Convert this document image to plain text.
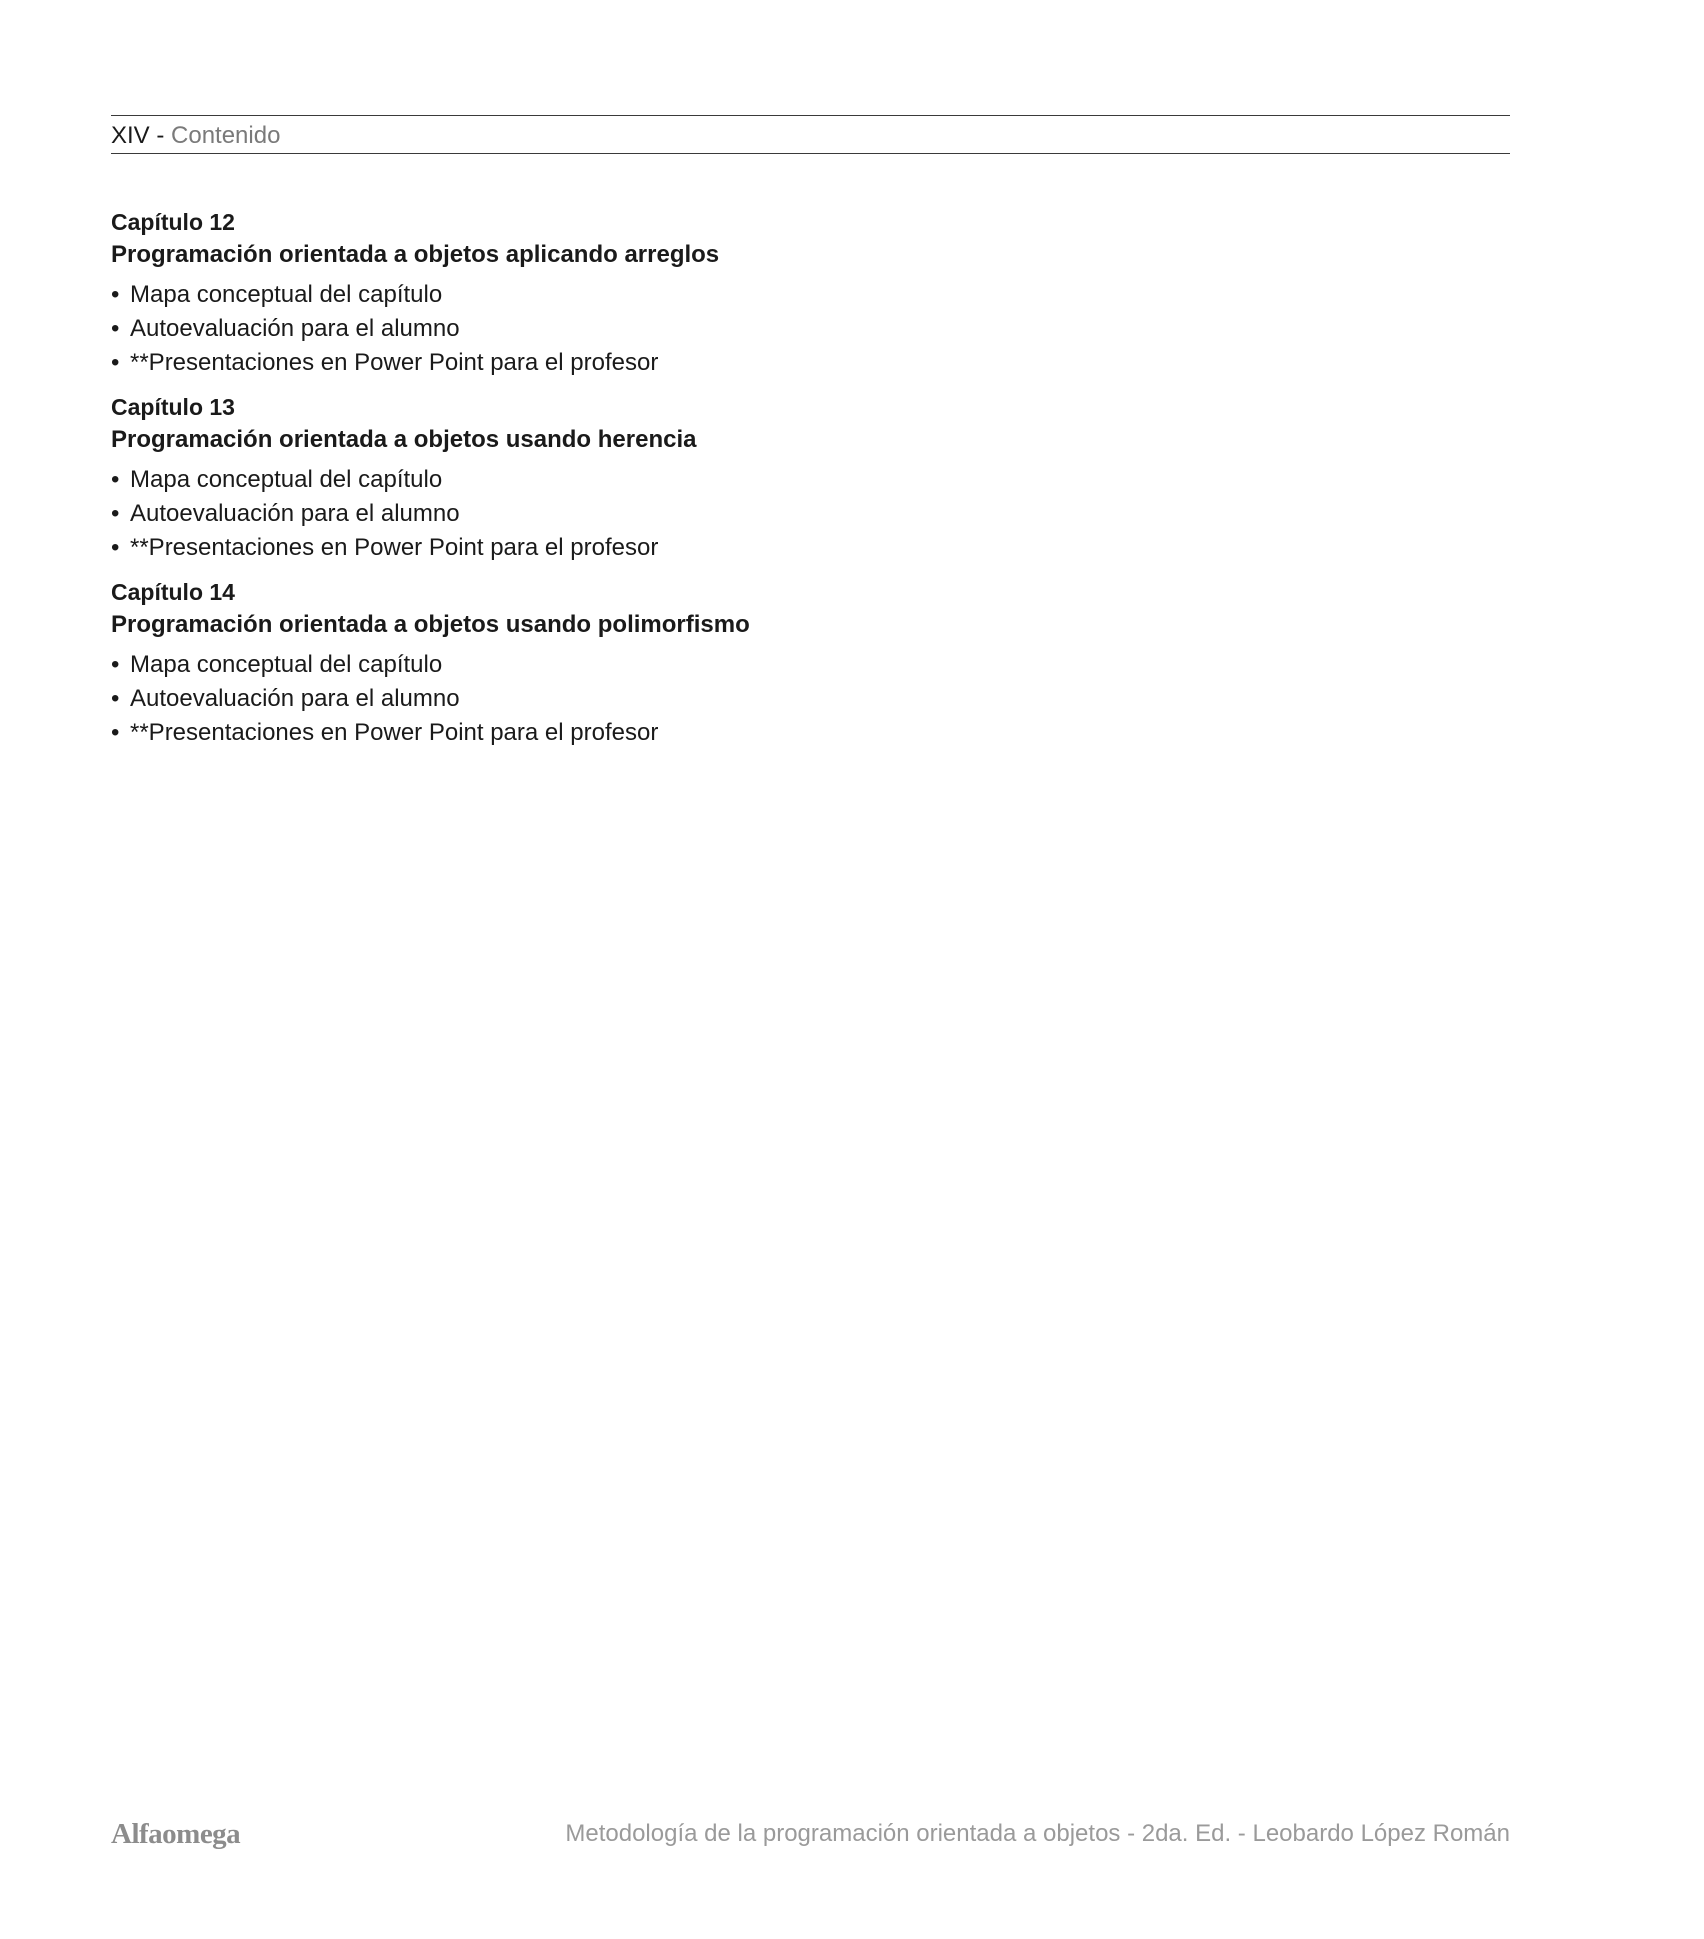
XIV - Contenido
Capítulo 12
Programación orientada a objetos aplicando arreglos
• Mapa conceptual del capítulo
• Autoevaluación para el alumno
• **Presentaciones en Power Point para el profesor
Capítulo 13
Programación orientada a objetos usando herencia
• Mapa conceptual del capítulo
• Autoevaluación para el alumno
• **Presentaciones en Power Point para el profesor
Capítulo 14
Programación orientada a objetos usando polimorfismo
• Mapa conceptual del capítulo
• Autoevaluación para el alumno
• **Presentaciones en Power Point para el profesor
Alfaomega	Metodología de la programación orientada a objetos - 2da. Ed. - Leobardo López Román
